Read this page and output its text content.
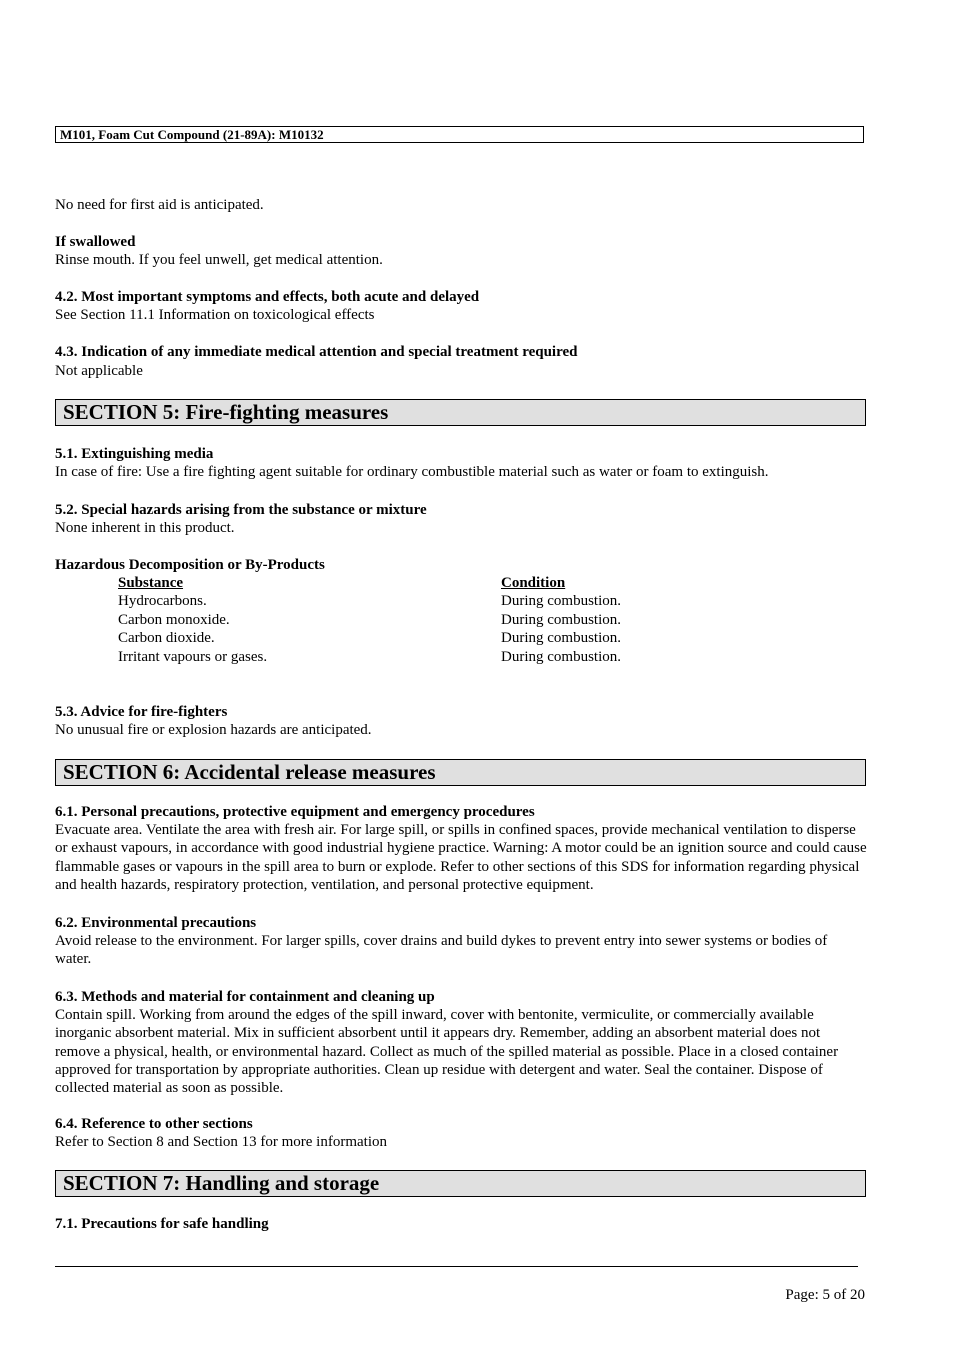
M101, Foam Cut Compound (21-89A): M10132
No need for first aid is anticipated.
If swallowed
Rinse mouth. If you feel unwell, get medical attention.
4.2. Most important symptoms and effects, both acute and delayed
See Section 11.1 Information on toxicological effects
4.3. Indication of any immediate medical attention and special treatment required
Not applicable
SECTION 5: Fire-fighting measures
5.1. Extinguishing media
In case of fire: Use a fire fighting agent suitable for ordinary combustible material such as water or foam to extinguish.
5.2. Special hazards arising from the substance or mixture
None inherent in this product.
Hazardous Decomposition or By-Products
Substance	Condition
Hydrocarbons.	During combustion.
Carbon monoxide.	During combustion.
Carbon dioxide.	During combustion.
Irritant vapours or gases.	During combustion.
5.3. Advice for fire-fighters
No unusual fire or explosion hazards are anticipated.
SECTION 6: Accidental release measures
6.1. Personal precautions, protective equipment and emergency procedures
Evacuate area. Ventilate the area with fresh air. For large spill, or spills in confined spaces, provide mechanical ventilation to disperse or exhaust vapours, in accordance with good industrial hygiene practice. Warning: A motor could be an ignition source and could cause flammable gases or vapours in the spill area to burn or explode. Refer to other sections of this SDS for information regarding physical and health hazards, respiratory protection, ventilation, and personal protective equipment.
6.2. Environmental precautions
Avoid release to the environment. For larger spills, cover drains and build dykes to prevent entry into sewer systems or bodies of water.
6.3. Methods and material for containment and cleaning up
Contain spill. Working from around the edges of the spill inward, cover with bentonite, vermiculite, or commercially available inorganic absorbent material. Mix in sufficient absorbent until it appears dry. Remember, adding an absorbent material does not remove a physical, health, or environmental hazard. Collect as much of the spilled material as possible. Place in a closed container approved for transportation by appropriate authorities. Clean up residue with detergent and water. Seal the container. Dispose of collected material as soon as possible.
6.4. Reference to other sections
Refer to Section 8 and Section 13 for more information
SECTION 7: Handling and storage
7.1. Precautions for safe handling
Page: 5 of 20
